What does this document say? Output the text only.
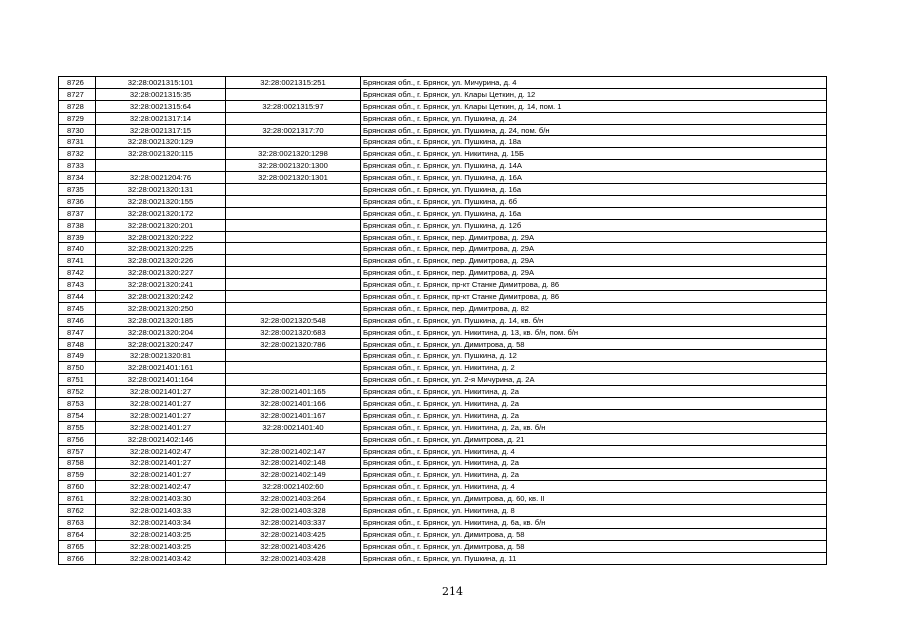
8726	32:28:0021315:101	32:28:0021315:251	Брянская обл., г. Брянск, ул. Мичурина, д. 4
8727	32:28:0021315:35		Брянская обл., г. Брянск, ул. Клары Цеткин, д. 12
8728	32:28:0021315:64	32:28:0021315:97	Брянская обл., г. Брянск, ул. Клары Цеткин, д. 14, пом. 1
8729	32:28:0021317:14		Брянская обл., г. Брянск, ул. Пушкина, д. 24
8730	32:28:0021317:15	32:28:0021317:70	Брянская обл., г. Брянск, ул. Пушкина, д. 24, пом. б/н
8731	32:28:0021320:129		Брянская обл., г. Брянск, ул. Пушкина, д. 18а
8732	32:28:0021320:115	32:28:0021320:1298	Брянская обл., г. Брянск, ул. Никитина, д. 15Б
8733		32:28:0021320:1300	Брянская обл., г. Брянск, ул. Пушкина, д. 14А
8734	32:28:0021204:76	32:28:0021320:1301	Брянская обл., г. Брянск, ул. Пушкина, д. 16А
8735	32:28:0021320:131		Брянская обл., г. Брянск, ул. Пушкина, д. 16а
8736	32:28:0021320:155		Брянская обл., г. Брянск, ул. Пушкина, д. 6б
8737	32:28:0021320:172		Брянская обл., г. Брянск, ул. Пушкина, д. 16а
8738	32:28:0021320:201		Брянская обл., г. Брянск, ул. Пушкина, д. 12б
8739	32:28:0021320:222		Брянская обл., г. Брянск, пер. Димитрова, д. 29А
8740	32:28:0021320:225		Брянская обл., г. Брянск, пер. Димитрова, д. 29А
8741	32:28:0021320:226		Брянская обл., г. Брянск, пер. Димитрова, д. 29А
8742	32:28:0021320:227		Брянская обл., г. Брянск, пер. Димитрова, д. 29А
8743	32:28:0021320:241		Брянская обл., г. Брянск, пр-кт Станке Димитрова, д. 86
8744	32:28:0021320:242		Брянская обл., г. Брянск, пр-кт Станке Димитрова, д. 86
8745	32:28:0021320:250		Брянская обл., г. Брянск, пер. Димитрова, д. 82
8746	32:28:0021320:185	32:28:0021320:548	Брянская обл., г. Брянск, ул. Пушкина, д. 14, кв. б/н
8747	32:28:0021320:204	32:28:0021320:683	Брянская обл., г. Брянск, ул. Никитина, д. 13, кв. б/н, пом. б/н
8748	32:28:0021320:247	32:28:0021320:786	Брянская обл., г. Брянск, ул. Димитрова, д. 58
8749	32:28:0021320:81		Брянская обл., г. Брянск, ул. Пушкина, д. 12
8750	32:28:0021401:161		Брянская обл., г. Брянск, ул. Никитина, д. 2
8751	32:28:0021401:164		Брянская обл., г. Брянск, ул. 2-я Мичурина, д. 2А
8752	32:28:0021401:27	32:28:0021401:165	Брянская обл., г. Брянск, ул. Никитина, д. 2а
8753	32:28:0021401:27	32:28:0021401:166	Брянская обл., г. Брянск, ул. Никитина, д. 2а
8754	32:28:0021401:27	32:28:0021401:167	Брянская обл., г. Брянск, ул. Никитина, д. 2а
8755	32:28:0021401:27	32:28:0021401:40	Брянская обл., г. Брянск, ул. Никитина, д. 2а, кв. б/н
8756	32:28:0021402:146		Брянская обл., г. Брянск, ул. Димитрова, д. 21
8757	32:28:0021402:47	32:28:0021402:147	Брянская обл., г. Брянск, ул. Никитина, д. 4
8758	32:28:0021401:27	32:28:0021402:148	Брянская обл., г. Брянск, ул. Никитина, д. 2а
8759	32:28:0021401:27	32:28:0021402:149	Брянская обл., г. Брянск, ул. Никитина, д. 2а
8760	32:28:0021402:47	32:28:0021402:60	Брянская обл., г. Брянск, ул. Никитина, д. 4
8761	32:28:0021403:30	32:28:0021403:264	Брянская обл., г. Брянск, ул. Димитрова, д. 60, кв. II
8762	32:28:0021403:33	32:28:0021403:328	Брянская обл., г. Брянск, ул. Никитина, д. 8
8763	32:28:0021403:34	32:28:0021403:337	Брянская обл., г. Брянск, ул. Никитина, д. 6а, кв. б/н
8764	32:28:0021403:25	32:28:0021403:425	Брянская обл., г. Брянск, ул. Димитрова, д. 58
8765	32:28:0021403:25	32:28:0021403:426	Брянская обл., г. Брянск, ул. Димитрова, д. 58
8766	32:28:0021403:42	32:28:0021403:428	Брянская обл., г. Брянск, ул. Пушкина, д. 11
214
